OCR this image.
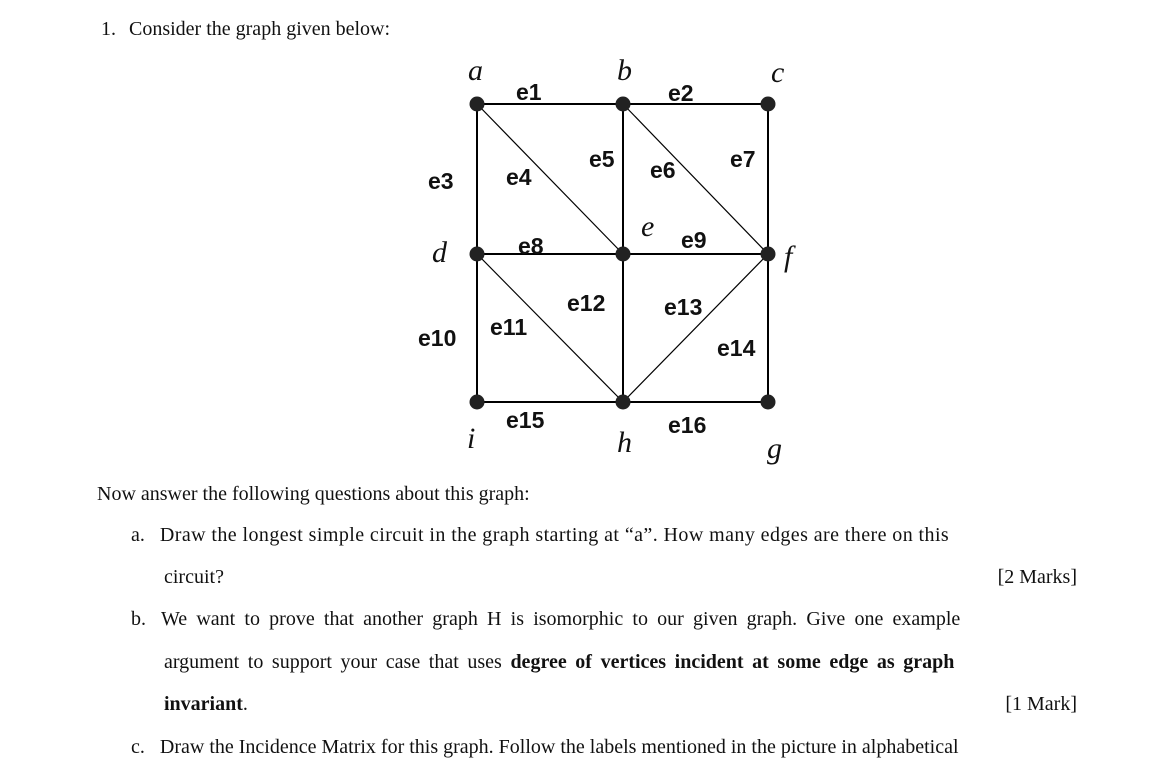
1. Consider the graph given below:
a	b	c
d
e
f
i	h	g
e1	e2
e3 e4
e5 e6 e7
e8	e9
e10 e11
e12	e13
e14
e15	e16
Now answer the following questions about this graph:
a. Draw the longest simple circuit in the graph starting at “a”. How many edges are there on this
circuit?	[2 Marks]
b. We want to prove that another graph H is isomorphic to our given graph. Give one example
argument to support your case that uses degree of vertices incident at some edge as graph
invariant.	[1 Mark]
c. Draw the Incidence Matrix for this graph. Follow the labels mentioned in the picture in alphabetical
